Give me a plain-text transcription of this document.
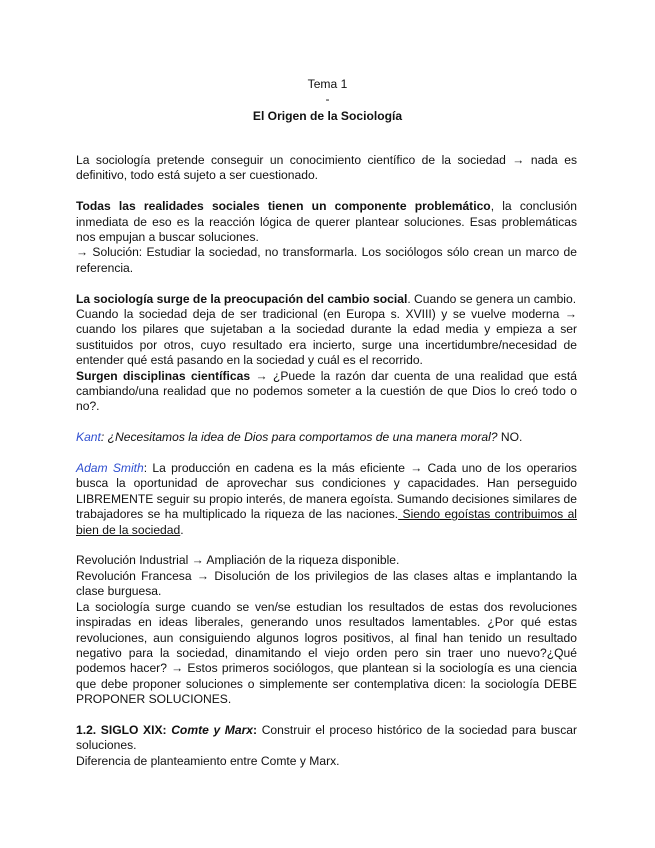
Tema 1
-
El Origen de la Sociología

La sociología pretende conseguir un conocimiento científico de la sociedad → nada es definitivo, todo está sujeto a ser cuestionado.

Todas las realidades sociales tienen un componente problemático, la conclusión inmediata de eso es la reacción lógica de querer plantear soluciones. Esas problemáticas nos empujan a buscar soluciones.

→ Solución: Estudiar la sociedad, no transformarla. Los sociólogos sólo crean un marco de referencia.

La sociología surge de la preocupación del cambio social. Cuando se genera un cambio.

Cuando la sociedad deja de ser tradicional (en Europa s. XVIII) y se vuelve moderna → cuando los pilares que sujetaban a la sociedad durante la edad media y empieza a ser sustituidos por otros, cuyo resultado era incierto, surge una incertidumbre/necesidad de entender qué está pasando en la sociedad y cuál es el recorrido.

Surgen disciplinas científicas → ¿Puede la razón dar cuenta de una realidad que está cambiando/una realidad que no podemos someter a la cuestión de que Dios lo creó todo o no?.

Kant: ¿Necesitamos la idea de Dios para comportamos de una manera moral? NO.

Adam Smith: La producción en cadena es la más eficiente → Cada uno de los operarios busca la oportunidad de aprovechar sus condiciones y capacidades. Han perseguido LIBREMENTE seguir su propio interés, de manera egoísta. Sumando decisiones similares de trabajadores se ha multiplicado la riqueza de las naciones. Siendo egoístas contribuimos al bien de la sociedad.

Revolución Industrial → Ampliación de la riqueza disponible.

Revolución Francesa → Disolución de los privilegios de las clases altas e implantando la clase burguesa.

La sociología surge cuando se ven/se estudian los resultados de estas dos revoluciones inspiradas en ideas liberales, generando unos resultados lamentables. ¿Por qué estas revoluciones, aun consiguiendo algunos logros positivos, al final han tenido un resultado negativo para la sociedad, dinamitando el viejo orden pero sin traer uno nuevo?¿Qué podemos hacer? → Estos primeros sociólogos, que plantean si la sociología es una ciencia que debe proponer soluciones o simplemente ser contemplativa dicen: la sociología DEBE PROPONER SOLUCIONES.

1.2. SIGLO XIX: Comte y Marx: Construir el proceso histórico de la sociedad para buscar soluciones.

Diferencia de planteamiento entre Comte y Marx.
